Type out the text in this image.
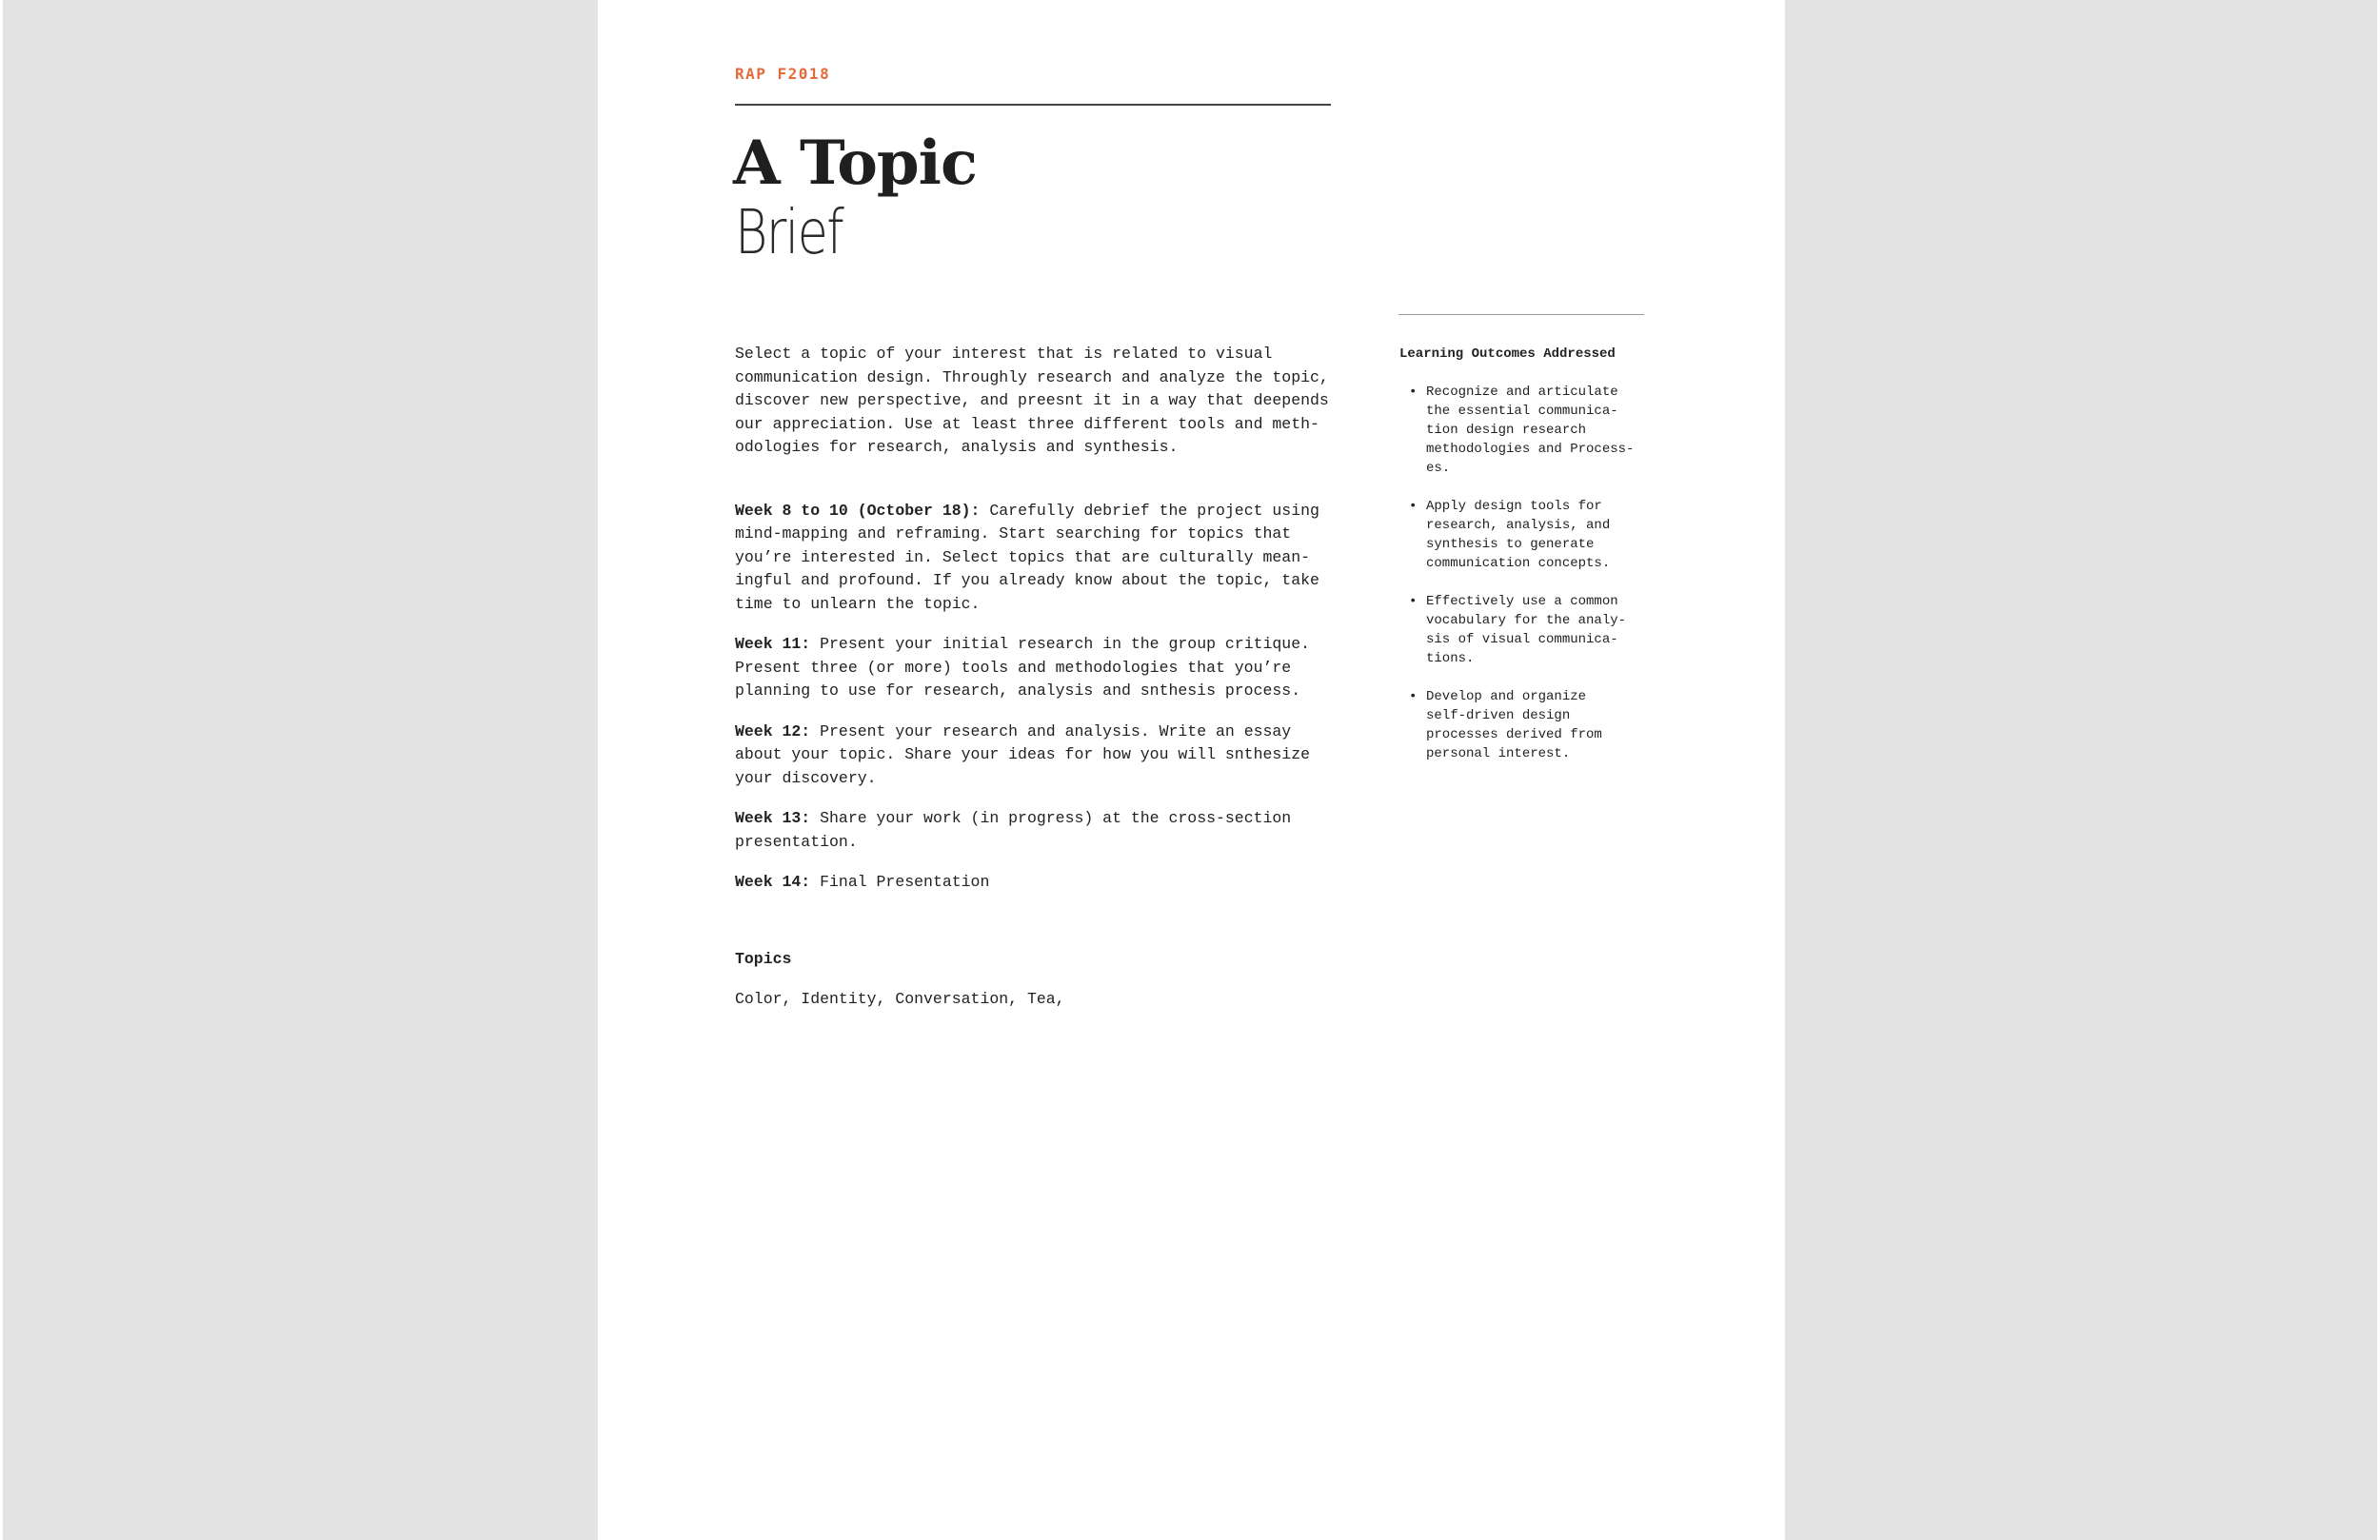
RAP F2018
A Topic
Brief

Select a topic of your interest that is related to visual communication design. Throughly research and analyze the topic, discover new perspective, and preesnt it in a way that deepends our appreciation. Use at least three different tools and meth-odologies for research, analysis and synthesis.

Week 8 to 10 (October 18): Carefully debrief the project using mind-mapping and reframing. Start searching for topics that you’re interested in. Select topics that are culturally mean-ingful and profound. If you already know about the topic, take time to unlearn the topic.

Week 11: Present your initial research in the group critique. Present three (or more) tools and methodologies that you’re planning to use for research, analysis and snthesis process.

Week 12: Present your research and analysis. Write an essay about your topic. Share your ideas for how you will snthesize your discovery.

Week 13: Share your work (in progress) at the cross-section presentation.

Week 14: Final Presentation

Topics

Color, Identity, Conversation, Tea,

Learning Outcomes Addressed

• Recognize and articulate
the essential communica-
tion design research
methodologies and Process-
es.
• Apply design tools for
research, analysis, and
synthesis to generate
communication concepts.
• Effectively use a common
vocabulary for the analy-
sis of visual communica-
tions.
• Develop and organize
self-driven design
processes derived from
personal interest.
